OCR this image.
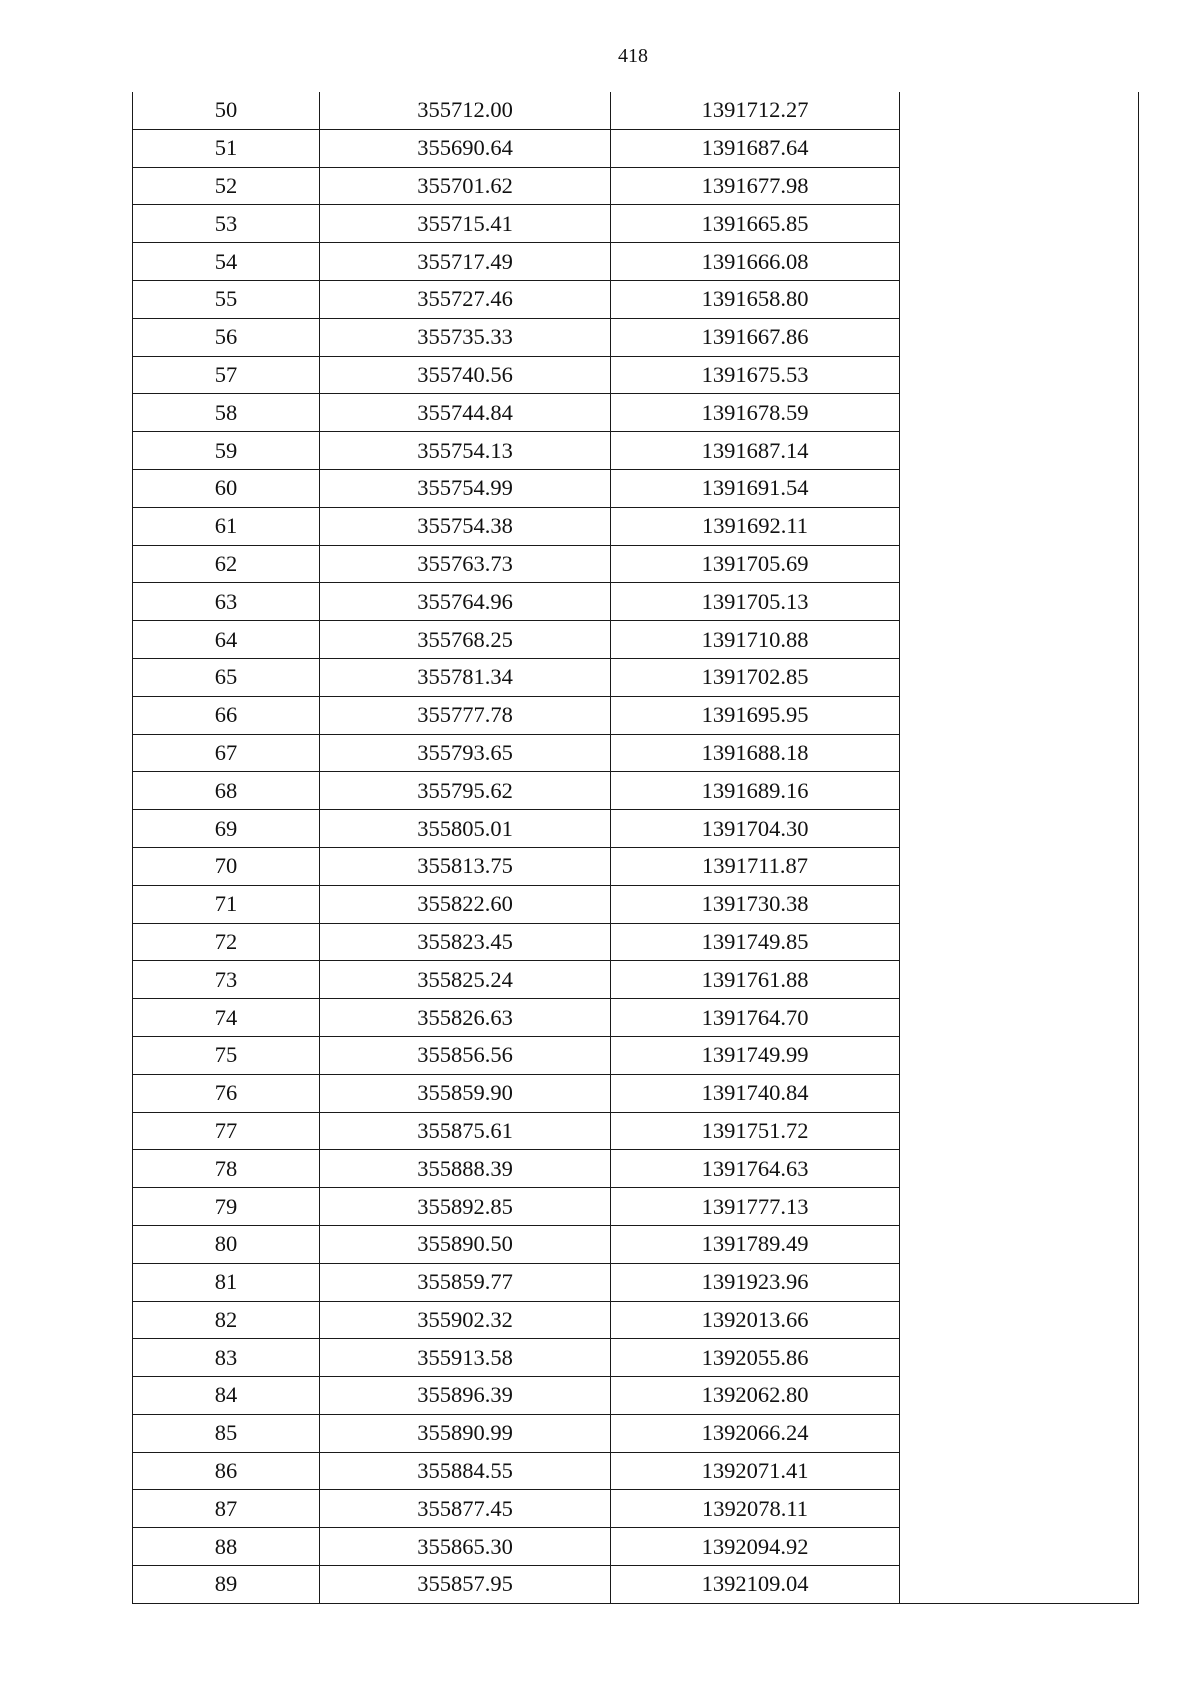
418
50	355712.00	1391712.27	
51	355690.64	1391687.64	
52	355701.62	1391677.98	
53	355715.41	1391665.85	
54	355717.49	1391666.08	
55	355727.46	1391658.80	
56	355735.33	1391667.86	
57	355740.56	1391675.53	
58	355744.84	1391678.59	
59	355754.13	1391687.14	
60	355754.99	1391691.54	
61	355754.38	1391692.11	
62	355763.73	1391705.69	
63	355764.96	1391705.13	
64	355768.25	1391710.88	
65	355781.34	1391702.85	
66	355777.78	1391695.95	
67	355793.65	1391688.18	
68	355795.62	1391689.16	
69	355805.01	1391704.30	
70	355813.75	1391711.87	
71	355822.60	1391730.38	
72	355823.45	1391749.85	
73	355825.24	1391761.88	
74	355826.63	1391764.70	
75	355856.56	1391749.99	
76	355859.90	1391740.84	
77	355875.61	1391751.72	
78	355888.39	1391764.63	
79	355892.85	1391777.13	
80	355890.50	1391789.49	
81	355859.77	1391923.96	
82	355902.32	1392013.66	
83	355913.58	1392055.86	
84	355896.39	1392062.80	
85	355890.99	1392066.24	
86	355884.55	1392071.41	
87	355877.45	1392078.11	
88	355865.30	1392094.92	
89	355857.95	1392109.04	
